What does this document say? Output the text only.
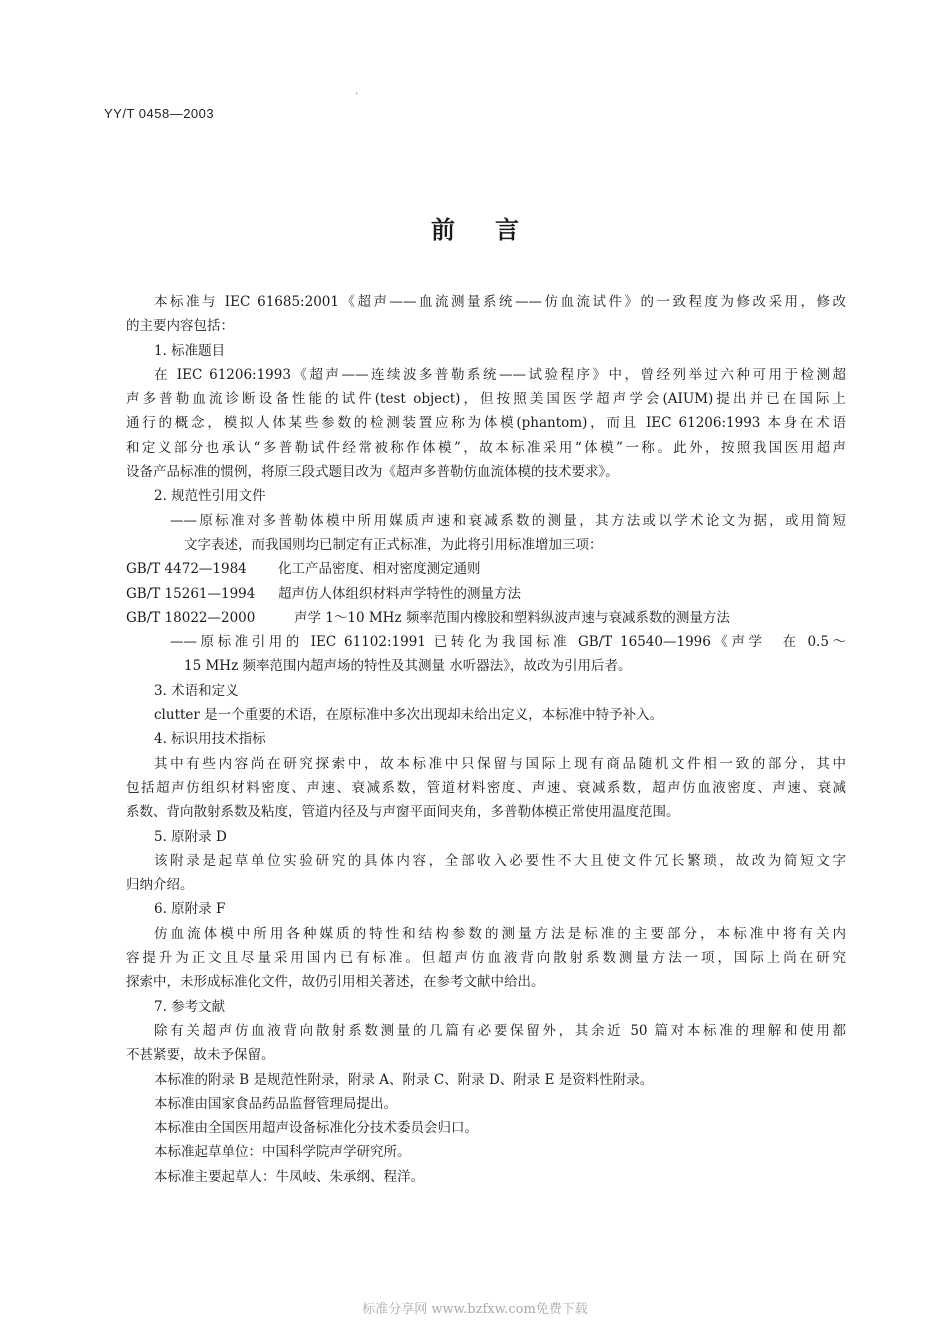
.
YY/T 0458—2003
前言
本标准与 IEC 61685:2001《超声——血流测量系统——仿血流试件》的一致程度为修改采用，修改
的主要内容包括：
1. 标准题目
在 IEC 61206:1993《超声——连续波多普勒系统——试验程序》中，曾经列举过六种可用于检测超
声多普勒血流诊断设备性能的试件(test object)，但按照美国医学超声学会(AIUM)提出并已在国际上
通行的概念，模拟人体某些参数的检测装置应称为体模(phantom)，而且 IEC 61206:1993 本身在术语
和定义部分也承认“多普勒试件经常被称作体模”，故本标准采用“体模”一称。此外，按照我国医用超声
设备产品标准的惯例，将原三段式题目改为《超声多普勒仿血流体模的技术要求》。
2. 规范性引用文件
——原标准对多普勒体模中所用媒质声速和衰减系数的测量，其方法或以学术论文为据，或用简短
文字表述，而我国则均已制定有正式标准，为此将引用标准增加三项：
GB/T 4472—1984 化工产品密度、相对密度测定通则
GB/T 15261—1994 超声仿人体组织材料声学特性的测量方法
GB/T 18022—2000	声学 1～10 MHz 频率范围内橡胶和塑料纵波声速与衰减系数的测量方法
——原标准引用的 IEC 61102:1991 已转化为我国标准 GB/T 16540—1996《声学　在 0.5～
15 MHz 频率范围内超声场的特性及其测量 水听器法》，故改为引用后者。
3. 术语和定义
clutter 是一个重要的术语，在原标准中多次出现却未给出定义，本标准中特予补入。
4. 标识用技术指标
其中有些内容尚在研究探索中，故本标准中只保留与国际上现有商品随机文件相一致的部分，其中
包括超声仿组织材料密度、声速、衰减系数，管道材料密度、声速、衰减系数，超声仿血液密度、声速、衰减
系数、背向散射系数及粘度，管道内径及与声窗平面间夹角，多普勒体模正常使用温度范围。
5. 原附录 D
该附录是起草单位实验研究的具体内容，全部收入必要性不大且使文件冗长繁琐，故改为简短文字
归纳介绍。
6. 原附录 F
仿血流体模中所用各种媒质的特性和结构参数的测量方法是标准的主要部分，本标准中将有关内
容提升为正文且尽量采用国内已有标准。但超声仿血液背向散射系数测量方法一项，国际上尚在研究
探索中，未形成标准化文件，故仍引用相关著述，在参考文献中给出。
7. 参考文献
除有关超声仿血液背向散射系数测量的几篇有必要保留外，其余近 50 篇对本标准的理解和使用都
不甚紧要，故未予保留。
本标准的附录 B 是规范性附录，附录 A、附录 C、附录 D、附录 E 是资料性附录。
本标准由国家食品药品监督管理局提出。
本标准由全国医用超声设备标准化分技术委员会归口。
本标准起草单位：中国科学院声学研究所。
本标准主要起草人：牛凤岐、朱承纲、程洋。
标准分享网 www.bzfxw.com免费下载
